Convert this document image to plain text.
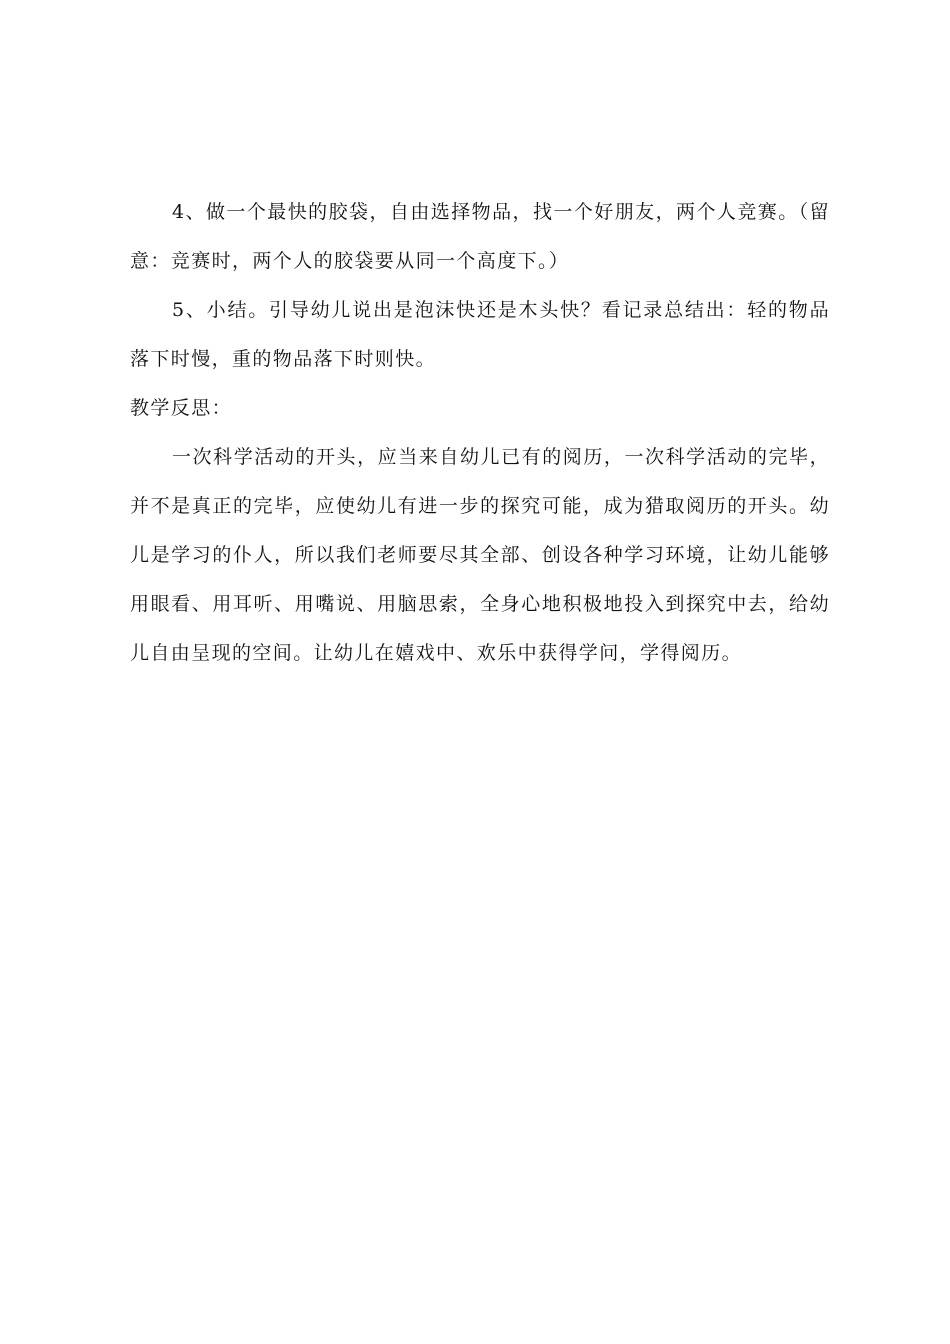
4、做一个最快的胶袋，自由选择物品，找一个好朋友，两个人竞赛。（留意：竞赛时，两个人的胶袋要从同一个高度下。）

5、小结。引导幼儿说出是泡沫快还是木头快？看记录总结出：轻的物品落下时慢，重的物品落下时则快。

教学反思：

一次科学活动的开头，应当来自幼儿已有的阅历，一次科学活动的完毕，并不是真正的完毕，应使幼儿有进一步的探究可能，成为猎取阅历的开头。幼儿是学习的仆人，所以我们老师要尽其全部、创设各种学习环境，让幼儿能够用眼看、用耳听、用嘴说、用脑思索，全身心地积极地投入到探究中去，给幼儿自由呈现的空间。让幼儿在嬉戏中、欢乐中获得学问，学得阅历。
